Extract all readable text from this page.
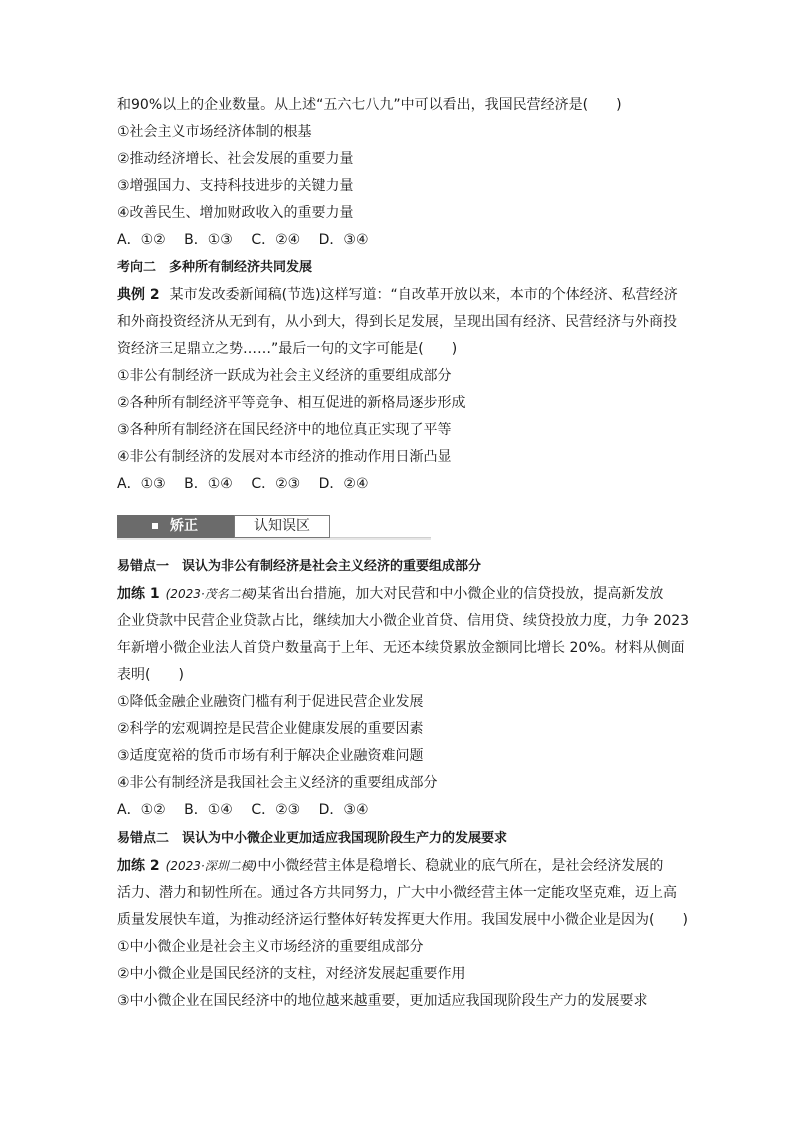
和90%以上的企业数量。从上述“五六七八九”中可以看出，我国民营经济是(　　)
①社会主义市场经济体制的根基
②推动经济增长、社会发展的重要力量
③增强国力、支持科技进步的关键力量
④改善民生、增加财政收入的重要力量
A．①② B．①③ C．②④ D．③④
考向二　多种所有制经济共同发展
典例 2 某市发改委新闻稿(节选)这样写道：“自改革开放以来，本市的个体经济、私营经济
和外商投资经济从无到有，从小到大，得到长足发展，呈现出国有经济、民营经济与外商投
资经济三足鼎立之势……”最后一句的文字可能是(　　)
①非公有制经济一跃成为社会主义经济的重要组成部分
②各种所有制经济平等竞争、相互促进的新格局逐步形成
③各种所有制经济在国民经济中的地位真正实现了平等
④非公有制经济的发展对本市经济的推动作用日渐凸显
A．①③ B．①④ C．②③ D．②④
矫正	认知误区
易错点一　误认为非公有制经济是社会主义经济的重要组成部分
加练 1 (2023·茂名二模)某省出台措施，加大对民营和中小微企业的信贷投放，提高新发放
企业贷款中民营企业贷款占比，继续加大小微企业首贷、信用贷、续贷投放力度，力争 2023
年新增小微企业法人首贷户数量高于上年、无还本续贷累放金额同比增长 20%。材料从侧面
表明(　　)
①降低金融企业融资门槛有利于促进民营企业发展
②科学的宏观调控是民营企业健康发展的重要因素
③适度宽裕的货币市场有利于解决企业融资难问题
④非公有制经济是我国社会主义经济的重要组成部分
A．①② B．①④ C．②③ D．③④
易错点二　误认为中小微企业更加适应我国现阶段生产力的发展要求
加练 2 (2023·深圳二模)中小微经营主体是稳增长、稳就业的底气所在，是社会经济发展的
活力、潜力和韧性所在。通过各方共同努力，广大中小微经营主体一定能攻坚克难，迈上高
质量发展快车道，为推动经济运行整体好转发挥更大作用。我国发展中小微企业是因为(　　)
①中小微企业是社会主义市场经济的重要组成部分
②中小微企业是国民经济的支柱，对经济发展起重要作用
③中小微企业在国民经济中的地位越来越重要，更加适应我国现阶段生产力的发展要求
